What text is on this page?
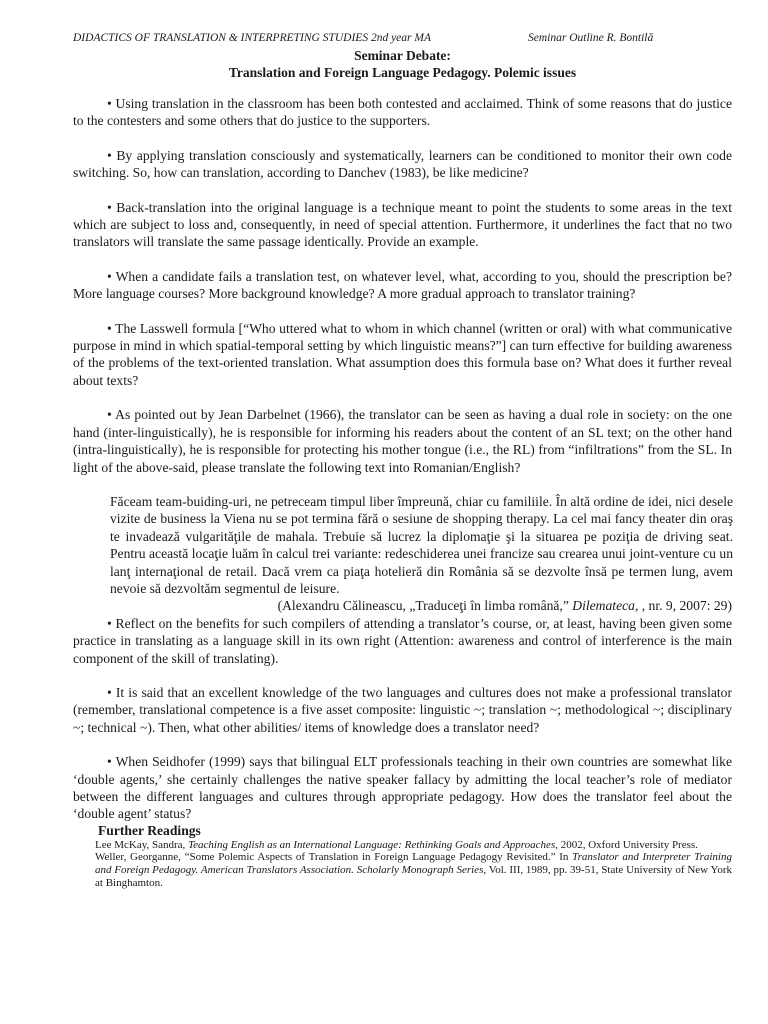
DIDACTICS OF TRANSLATION & INTERPRETING STUDIES 2nd year MA	Seminar Outline R. Bontilă
Seminar Debate:
Translation and Foreign Language Pedagogy. Polemic issues
• Using translation in the classroom has been both contested and acclaimed. Think of some reasons that do justice to the contesters and some others that do justice to the supporters.
• By applying translation consciously and systematically, learners can be conditioned to monitor their own code switching. So, how can translation, according to Danchev (1983), be like medicine?
• Back-translation into the original language is a technique meant to point the students to some areas in the text which are subject to loss and, consequently, in need of special attention. Furthermore, it underlines the fact that no two translators will translate the same passage identically. Provide an example.
• When a candidate fails a translation test, on whatever level, what, according to you, should the prescription be? More language courses? More background knowledge? A more gradual approach to translator training?
• The Lasswell formula [“Who uttered what to whom in which channel (written or oral) with what communicative purpose in mind in which spatial-temporal setting by which linguistic means?”] can turn effective for building awareness of the problems of the text-oriented translation. What assumption does this formula base on? What does it further reveal about texts?
• As pointed out by Jean Darbelnet (1966), the translator can be seen as having a dual role in society: on the one hand (inter-linguistically), he is responsible for informing his readers about the content of an SL text; on the other hand (intra-linguistically), he is responsible for protecting his mother tongue (i.e., the RL) from “infiltrations” from the SL. In light of the above-said, please translate the following text into Romanian/English?
Făceam team-buiding-uri, ne petreceam timpul liber împreună, chiar cu familiile. În altă ordine de idei, nici desele vizite de business la Viena nu se pot termina fără o sesiune de shopping therapy. La cel mai fancy theater din oraş te invadează vulgarităţile de mahala. Trebuie să lucrez la diplomaţie şi la situarea pe poziţia de driving seat. Pentru această locaţie luăm în calcul trei variante: redeschiderea unei francize sau crearea unui joint-venture cu un lanţ internaţional de retail. Dacă vrem ca piaţa hotelieră din România să se dezvolte însă pe termen lung, avem nevoie să dezvoltăm segmentul de leisure.
(Alexandru Călineascu, „Traduceţi în limba română,” Dilemateca, , nr. 9, 2007: 29)
• Reflect on the benefits for such compilers of attending a translator’s course, or, at least, having been given some practice in translating as a language skill in its own right (Attention: awareness and control of interference is the main component of the skill of translating).
• It is said that an excellent knowledge of the two languages and cultures does not make a professional translator (remember, translational competence is a five asset composite: linguistic ~; translation ~; methodological ~; disciplinary ~; technical ~). Then, what other abilities/ items of knowledge does a translator need?
• When Seidhofer (1999) says that bilingual ELT professionals teaching in their own countries are somewhat like ‘double agents,’ she certainly challenges the native speaker fallacy by admitting the local teacher’s role of mediator between the different languages and cultures through appropriate pedagogy. How does the translator feel about the ‘double agent’ status?
Further Readings
Lee McKay, Sandra, Teaching English as an International Language: Rethinking Goals and Approaches, 2002, Oxford University Press.
Weller, Georganne, “Some Polemic Aspects of Translation in Foreign Language Pedagogy Revisited.” In Translator and Interpreter Training and Foreign Pedagogy. American Translators Association. Scholarly Monograph Series, Vol. III, 1989, pp. 39-51, State University of New York at Binghamton.
